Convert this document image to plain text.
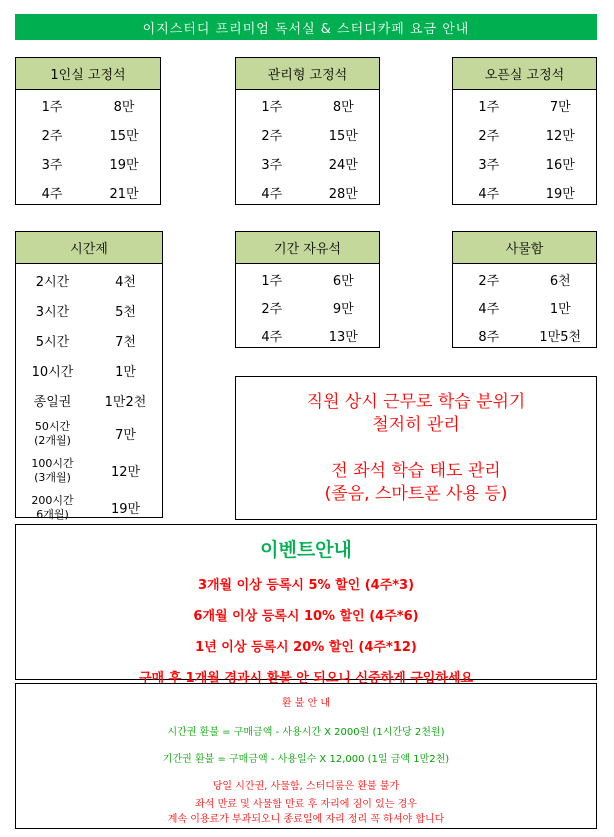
이지스터디 프리미엄 독서실 & 스터디카페 요금 안내
1인실 고정석
1주	8만
2주	15만
3주	19만
4주	21만
관리형 고정석
1주	8만
2주	15만
3주	24만
4주	28만
오픈실 고정석
1주	7만
2주	12만
3주	16만
4주	19만
시간제
2시간	4천
3시간	5천
5시간	7천
10시간	1만
종일권	1만2천
50시간
(2개월)	7만
100시간
(3개월)	12만
200시간
6개월)	19만
기간 자유석
1주	6만
2주	9만
4주	13만
사물함
2주	6천
4주	1만
8주	1만5천
직원 상시 근무로 학습 분위기
철저히 관리
전 좌석 학습 태도 관리
(졸음, 스마트폰 사용 등)
이벤트안내
3개월 이상 등록시 5% 할인 (4주*3)
6개월 이상 등록시 10% 할인 (4주*6)
1년 이상 등록시 20% 할인 (4주*12)
구매 후 1개월 경과시 환불 안 되오니 신중하게 구입하세요
환 불 안 내
시간권 환불 = 구매금액 - 사용시간 X 2000원 (1시간당 2천원)
기간권 환불 = 구매금액 - 사용일수 X 12,000 (1일 금액 1만2천)
당일 시간권, 사물함, 스터디룸은 환불 불가
좌석 만료 및 사물함 만료 후 자리에 짐이 있는 경우
계속 이용료가 부과되오니 종료일에 자리 정리 꼭 하셔야 합니다
